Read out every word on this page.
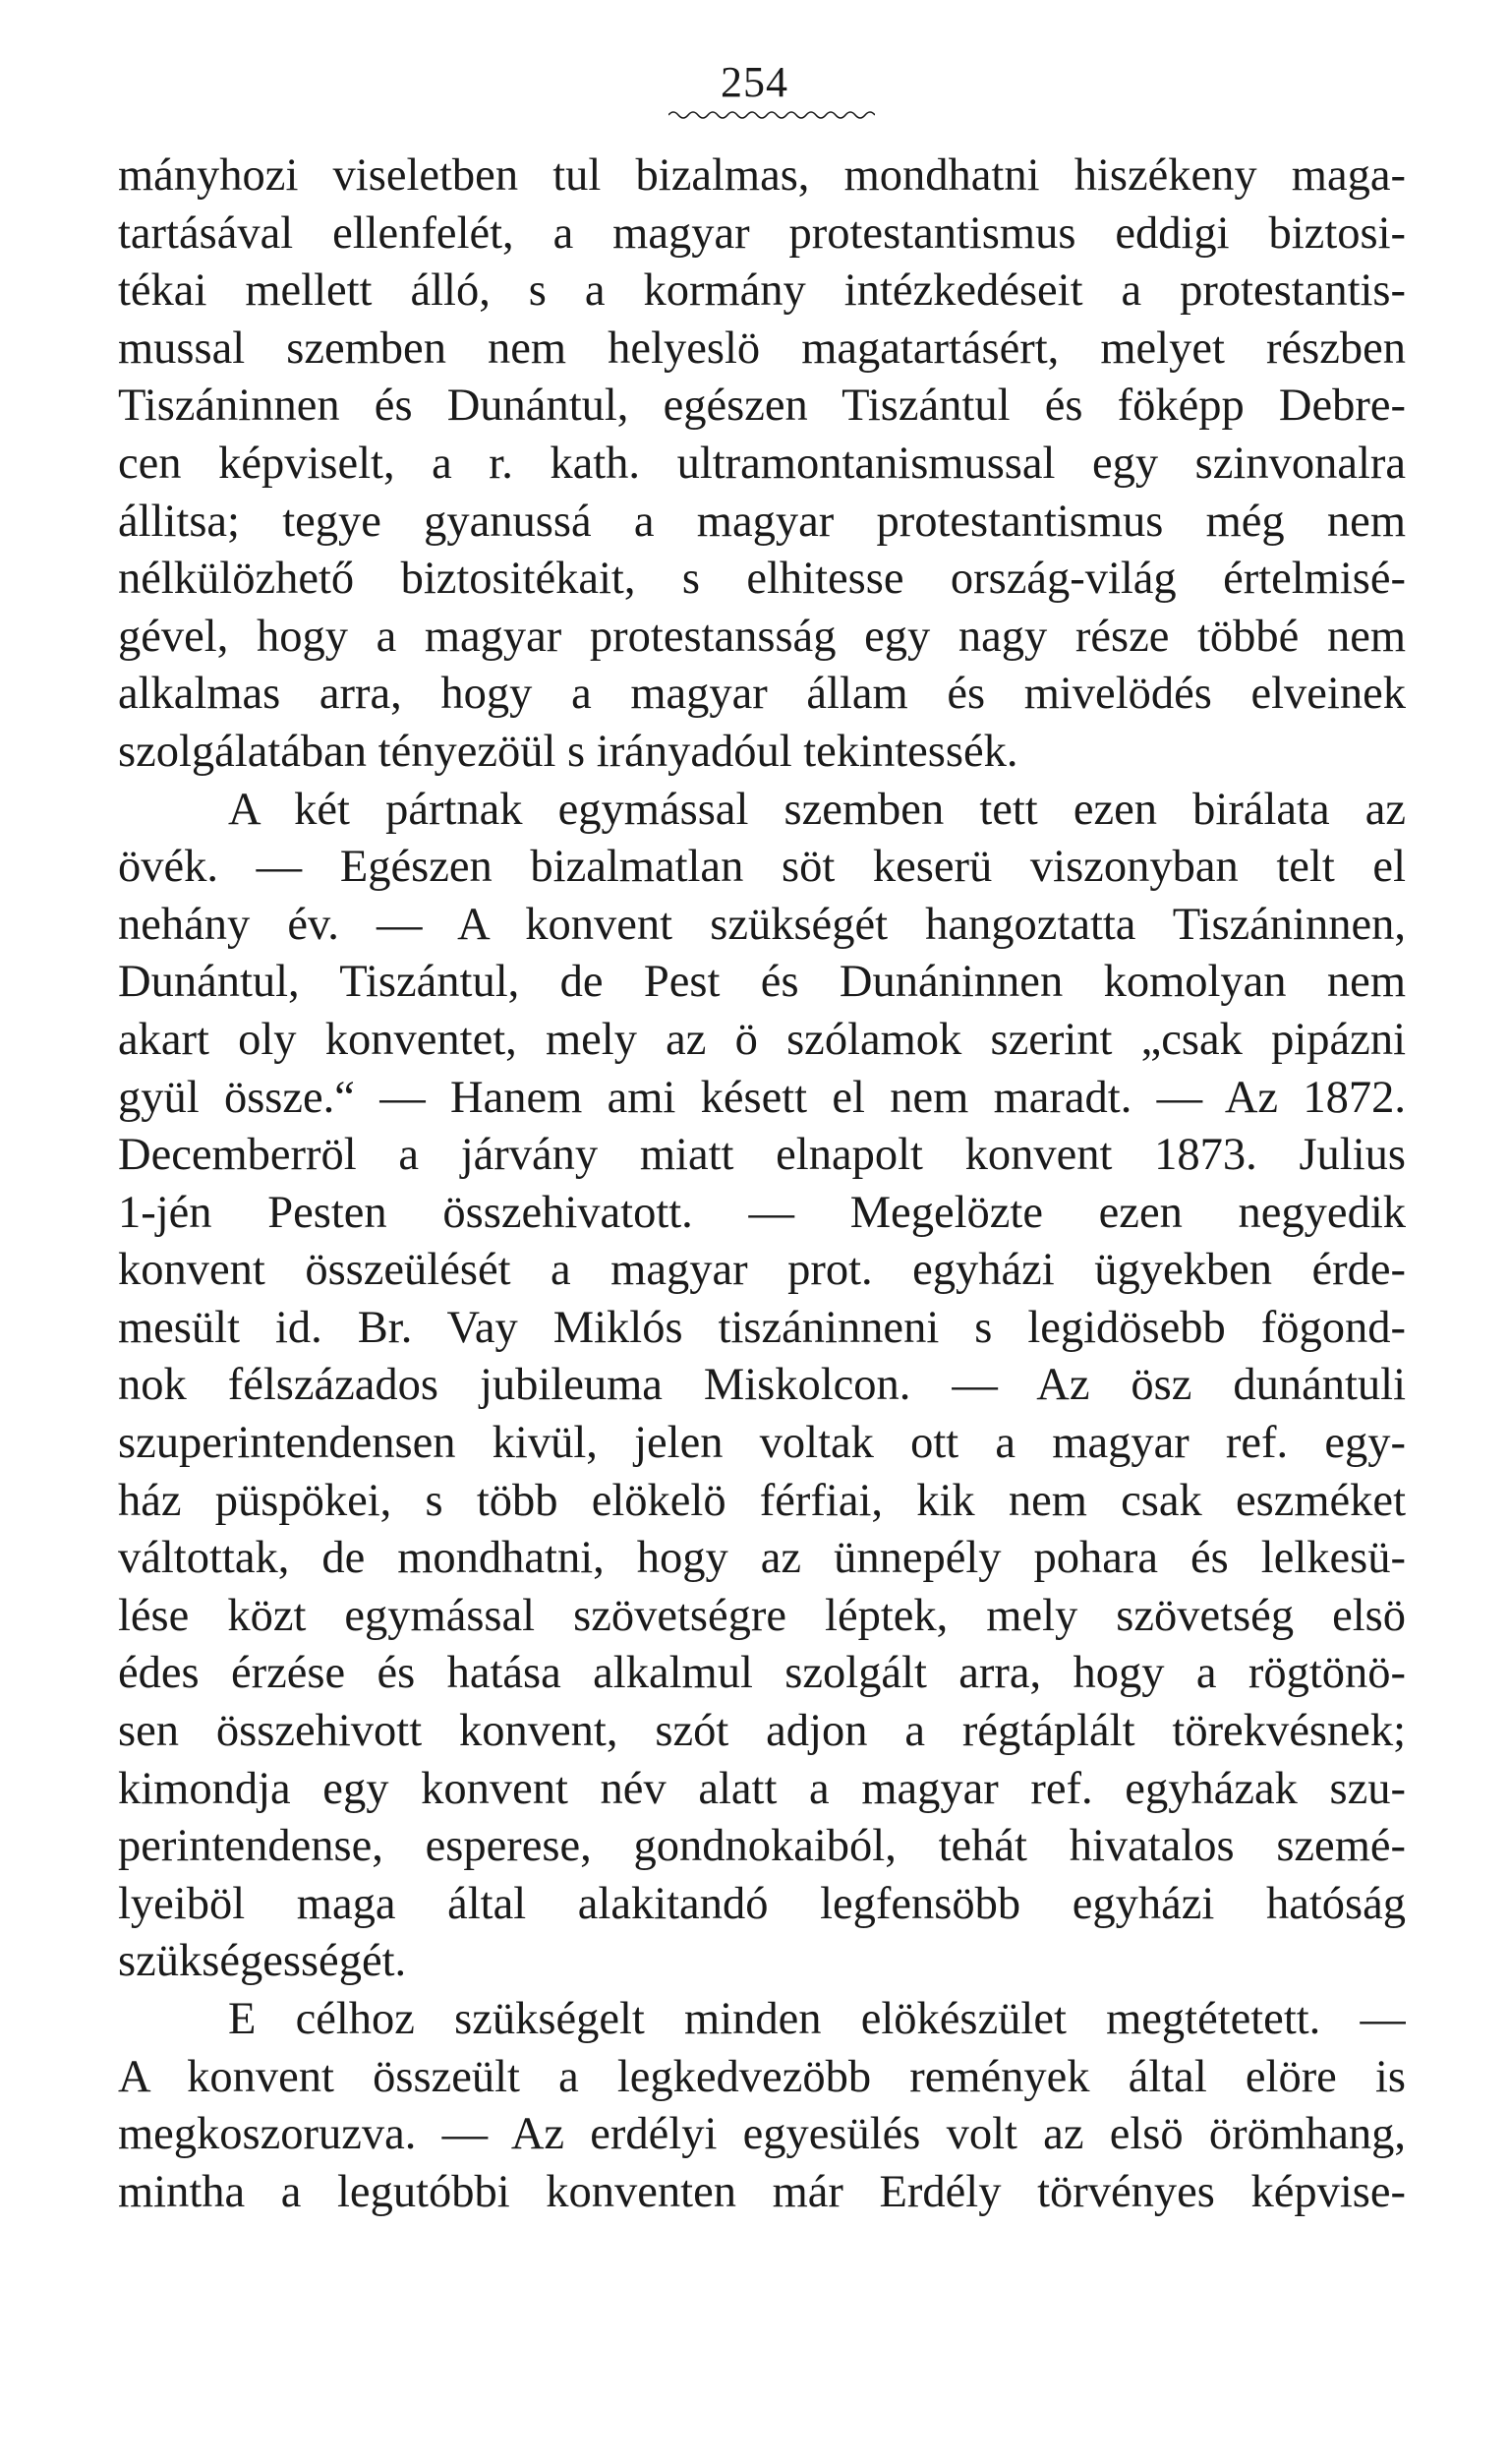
254
mányhozi viseletben tul bizalmas, mondhatni hiszékeny maga-
tartásával ellenfelét, a magyar protestantismus eddigi biztosi-
tékai mellett álló, s a kormány intézkedéseit a protestantis-
mussal szemben nem helyeslö magatartásért, melyet részben
Tiszáninnen és Dunántul, egészen Tiszántul és föképp Debre-
cen képviselt, a r. kath. ultramontanismussal egy szinvonalra
állitsa; tegye gyanussá a magyar protestantismus még nem
nélkülözhető biztositékait, s elhitesse ország-világ értelmisé-
gével, hogy a magyar protestansság egy nagy része többé nem
alkalmas arra, hogy a magyar állam és mivelödés elveinek
szolgálatában tényezöül s irányadóul tekintessék.
A két pártnak egymással szemben tett ezen birálata az
övék. — Egészen bizalmatlan söt keserü viszonyban telt el
nehány év. — A konvent szükségét hangoztatta Tiszáninnen,
Dunántul, Tiszántul, de Pest és Dunáninnen komolyan nem
akart oly konventet, mely az ö szólamok szerint „csak pipázni
gyül össze.“ — Hanem ami késett el nem maradt. — Az 1872.
Decemberröl a járvány miatt elnapolt konvent 1873. Julius
1-jén Pesten összehivatott. — Megelözte ezen negyedik
konvent összeülését a magyar prot. egyházi ügyekben érde-
mesült id. Br. Vay Miklós tiszáninneni s legidösebb fögond-
nok félszázados jubileuma Miskolcon. — Az ösz dunántuli
szuperintendensen kivül, jelen voltak ott a magyar ref. egy-
ház püspökei, s több elökelö férfiai, kik nem csak eszméket
váltottak, de mondhatni, hogy az ünnepély pohara és lelkesü-
lése közt egymással szövetségre léptek, mely szövetség elsö
édes érzése és hatása alkalmul szolgált arra, hogy a rögtönö-
sen összehivott konvent, szót adjon a régtáplált törekvésnek;
kimondja egy konvent név alatt a magyar ref. egyházak szu-
perintendense, esperese, gondnokaiból, tehát hivatalos szemé-
lyeiböl maga által alakitandó legfensöbb egyházi hatóság
szükségességét.
E célhoz szükségelt minden elökészület megtétetett. —
A konvent összeült a legkedvezöbb remények által elöre is
megkoszoruzva. — Az erdélyi egyesülés volt az elsö örömhang,
mintha a legutóbbi konventen már Erdély törvényes képvise-
